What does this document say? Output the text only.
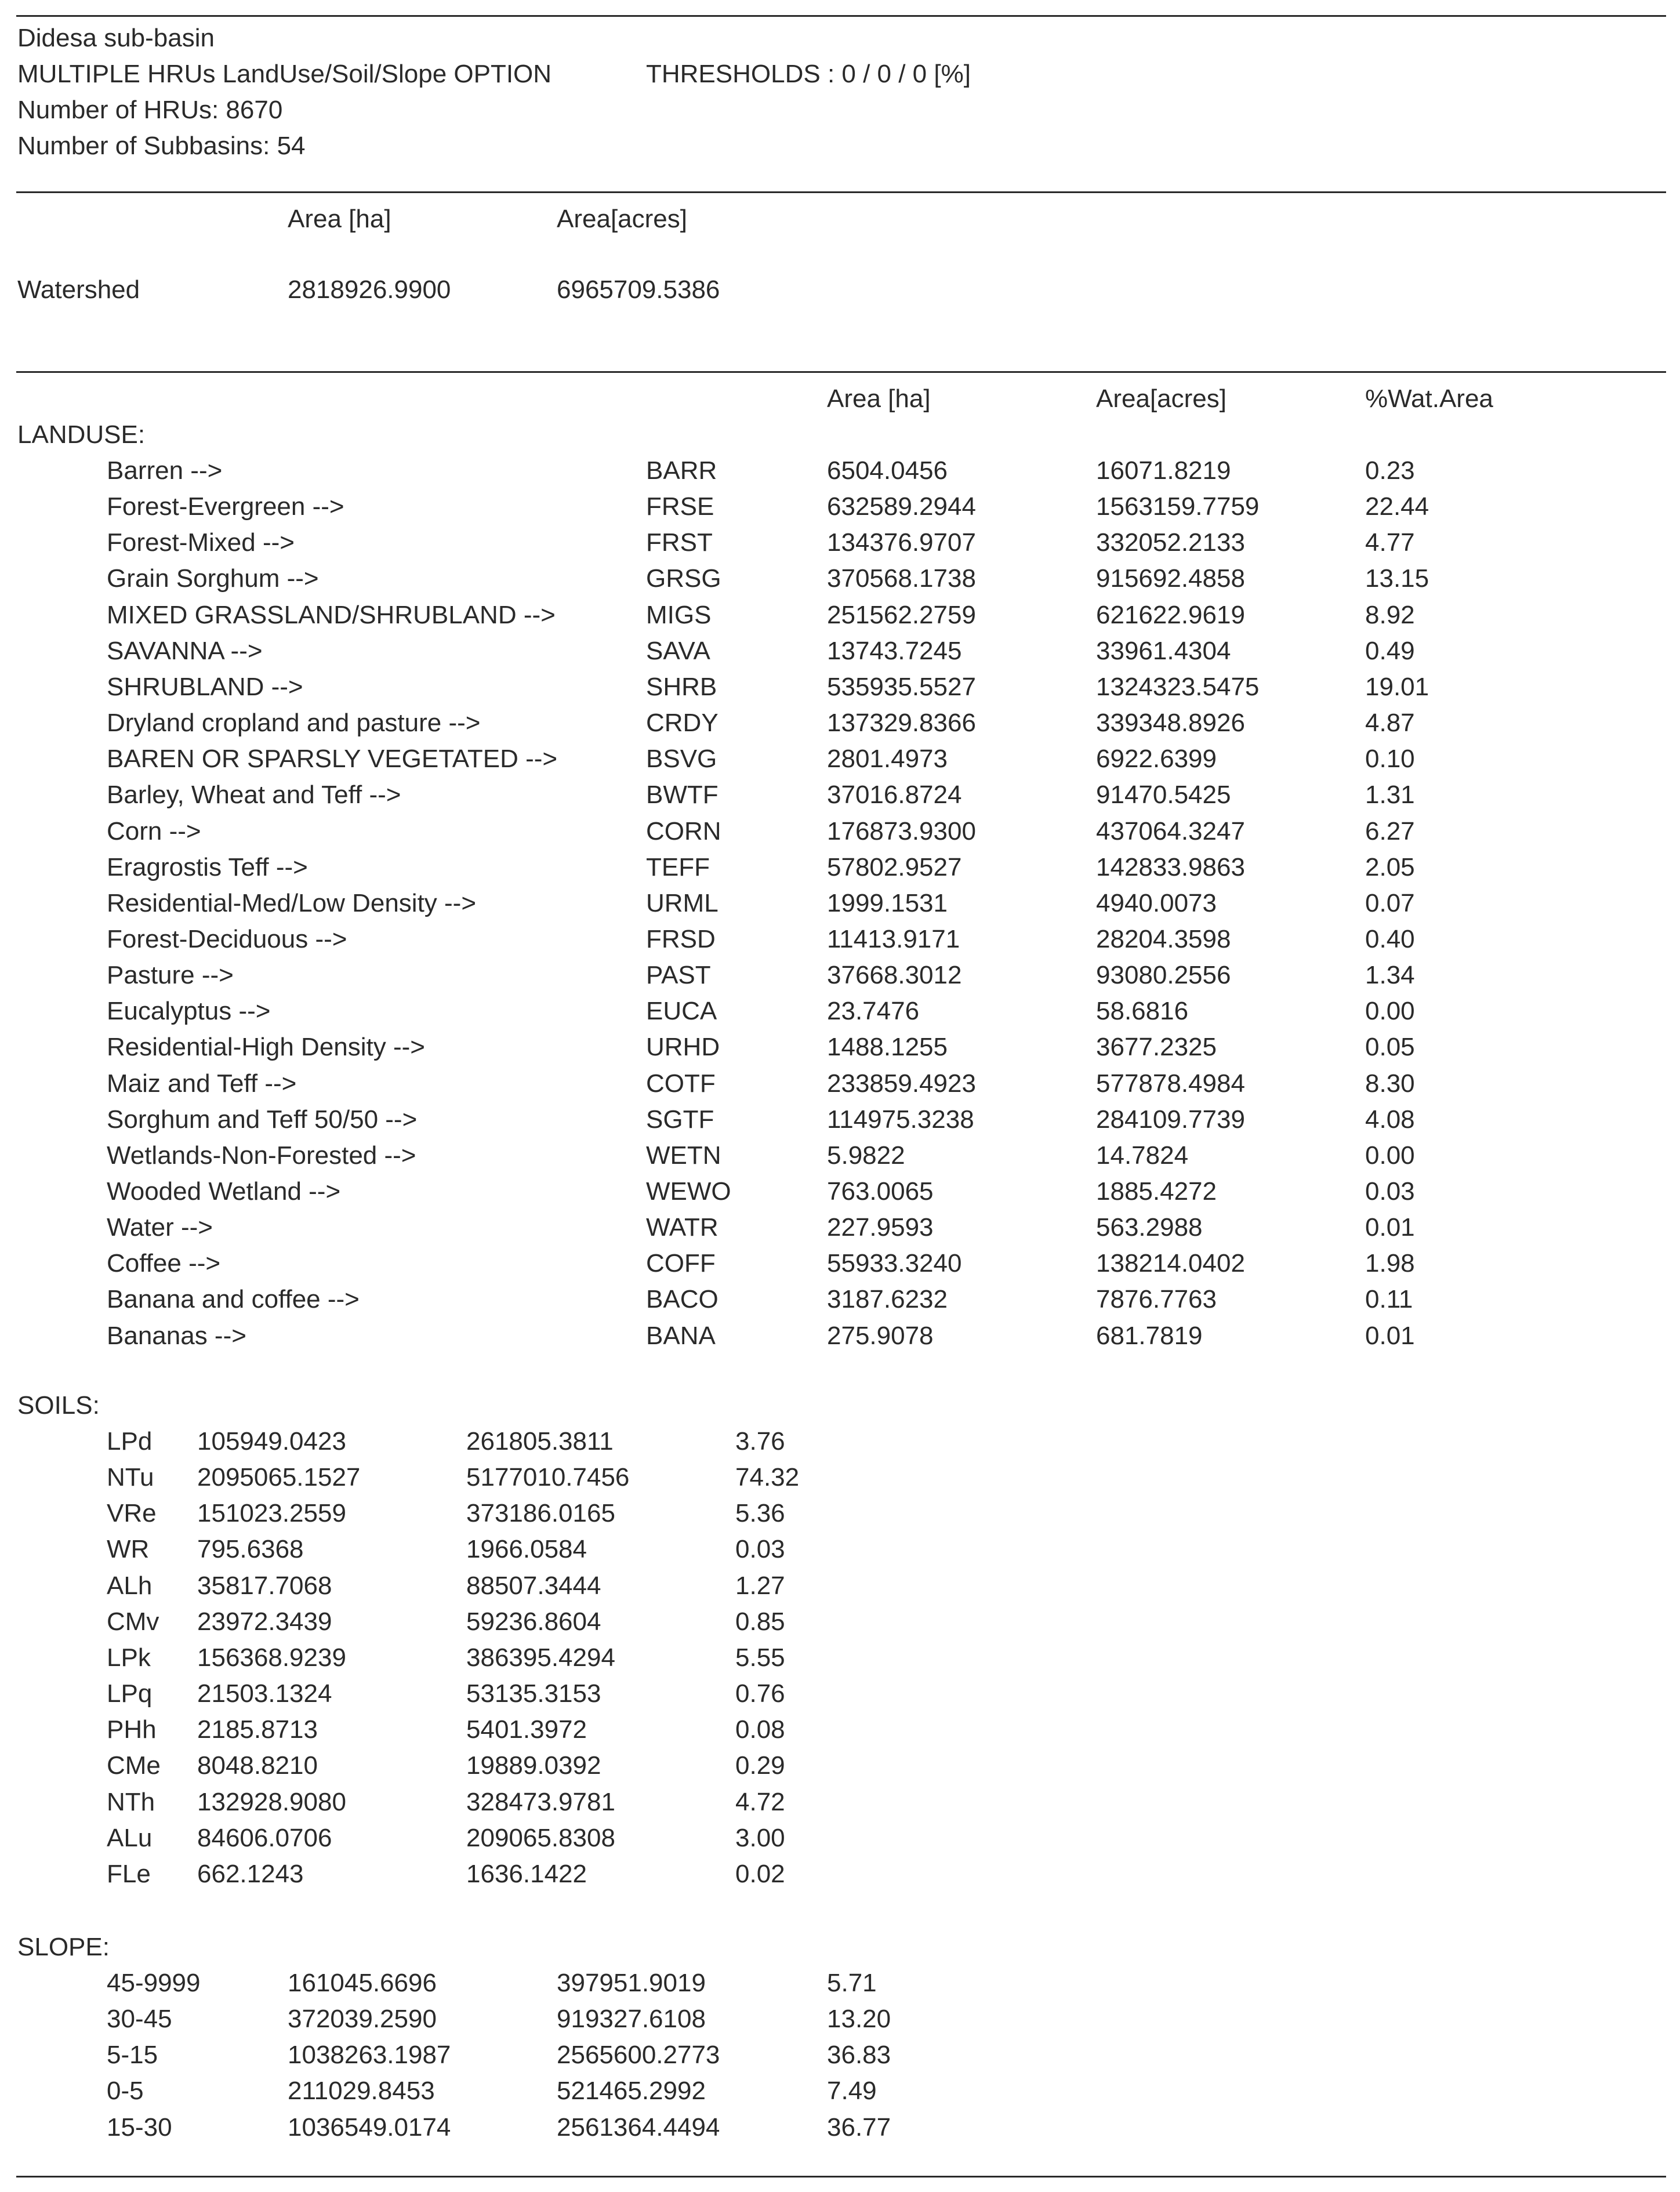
Didesa sub-basin
MULTIPLE HRUs LandUse/Soil/Slope OPTION	THRESHOLDS : 0 / 0 / 0 [%]
Number of HRUs: 8670
Number of Subbasins: 54
Area [ha]	Area[acres]
Watershed	2818926.9900	6965709.5386
Area [ha]	Area[acres]	%Wat.Area
LANDUSE:
Barren -->	BARR	6504.0456	16071.8219	0.23
Forest-Evergreen -->	FRSE	632589.2944	1563159.7759	22.44
Forest-Mixed -->	FRST	134376.9707	332052.2133	4.77
Grain Sorghum -->	GRSG	370568.1738	915692.4858	13.15
MIXED GRASSLAND/SHRUBLAND -->	MIGS	251562.2759	621622.9619	8.92
SAVANNA -->	SAVA	13743.7245	33961.4304	0.49
SHRUBLAND -->	SHRB	535935.5527	1324323.5475	19.01
Dryland cropland and pasture -->	CRDY	137329.8366	339348.8926	4.87
BAREN OR SPARSLY VEGETATED -->	BSVG	2801.4973	6922.6399	0.10
Barley, Wheat and Teff -->	BWTF	37016.8724	91470.5425	1.31
Corn -->	CORN	176873.9300	437064.3247	6.27
Eragrostis Teff -->	TEFF	57802.9527	142833.9863	2.05
Residential-Med/Low Density -->	URML	1999.1531	4940.0073	0.07
Forest-Deciduous -->	FRSD	11413.9171	28204.3598	0.40
Pasture -->	PAST	37668.3012	93080.2556	1.34
Eucalyptus -->	EUCA	23.7476	58.6816	0.00
Residential-High Density -->	URHD	1488.1255	3677.2325	0.05
Maiz and Teff -->	COTF	233859.4923	577878.4984	8.30
Sorghum and Teff 50/50 -->	SGTF	114975.3238	284109.7739	4.08
Wetlands-Non-Forested -->	WETN	5.9822	14.7824	0.00
Wooded Wetland -->	WEWO	763.0065	1885.4272	0.03
Water -->	WATR	227.9593	563.2988	0.01
Coffee -->	COFF	55933.3240	138214.0402	1.98
Banana and coffee -->	BACO	3187.6232	7876.7763	0.11
Bananas -->	BANA	275.9078	681.7819	0.01
SOILS:
LPd 105949.0423	261805.3811	3.76
NTu 2095065.1527	5177010.7456	74.32
VRe 151023.2559	373186.0165	5.36
WR 795.6368	1966.0584	0.03
ALh 35817.7068	88507.3444	1.27
CMv 23972.3439	59236.8604	0.85
LPk 156368.9239	386395.4294	5.55
LPq 21503.1324	53135.3153	0.76
PHh 2185.8713	5401.3972	0.08
CMe 8048.8210	19889.0392	0.29
NTh 132928.9080	328473.9781	4.72
ALu 84606.0706	209065.8308	3.00
FLe 662.1243	1636.1422	0.02
SLOPE:
45-9999	161045.6696	397951.9019	5.71
30-45	372039.2590	919327.6108	13.20
5-15	1038263.1987	2565600.2773	36.83
0-5	211029.8453	521465.2992	7.49
15-30	1036549.0174	2561364.4494	36.77
